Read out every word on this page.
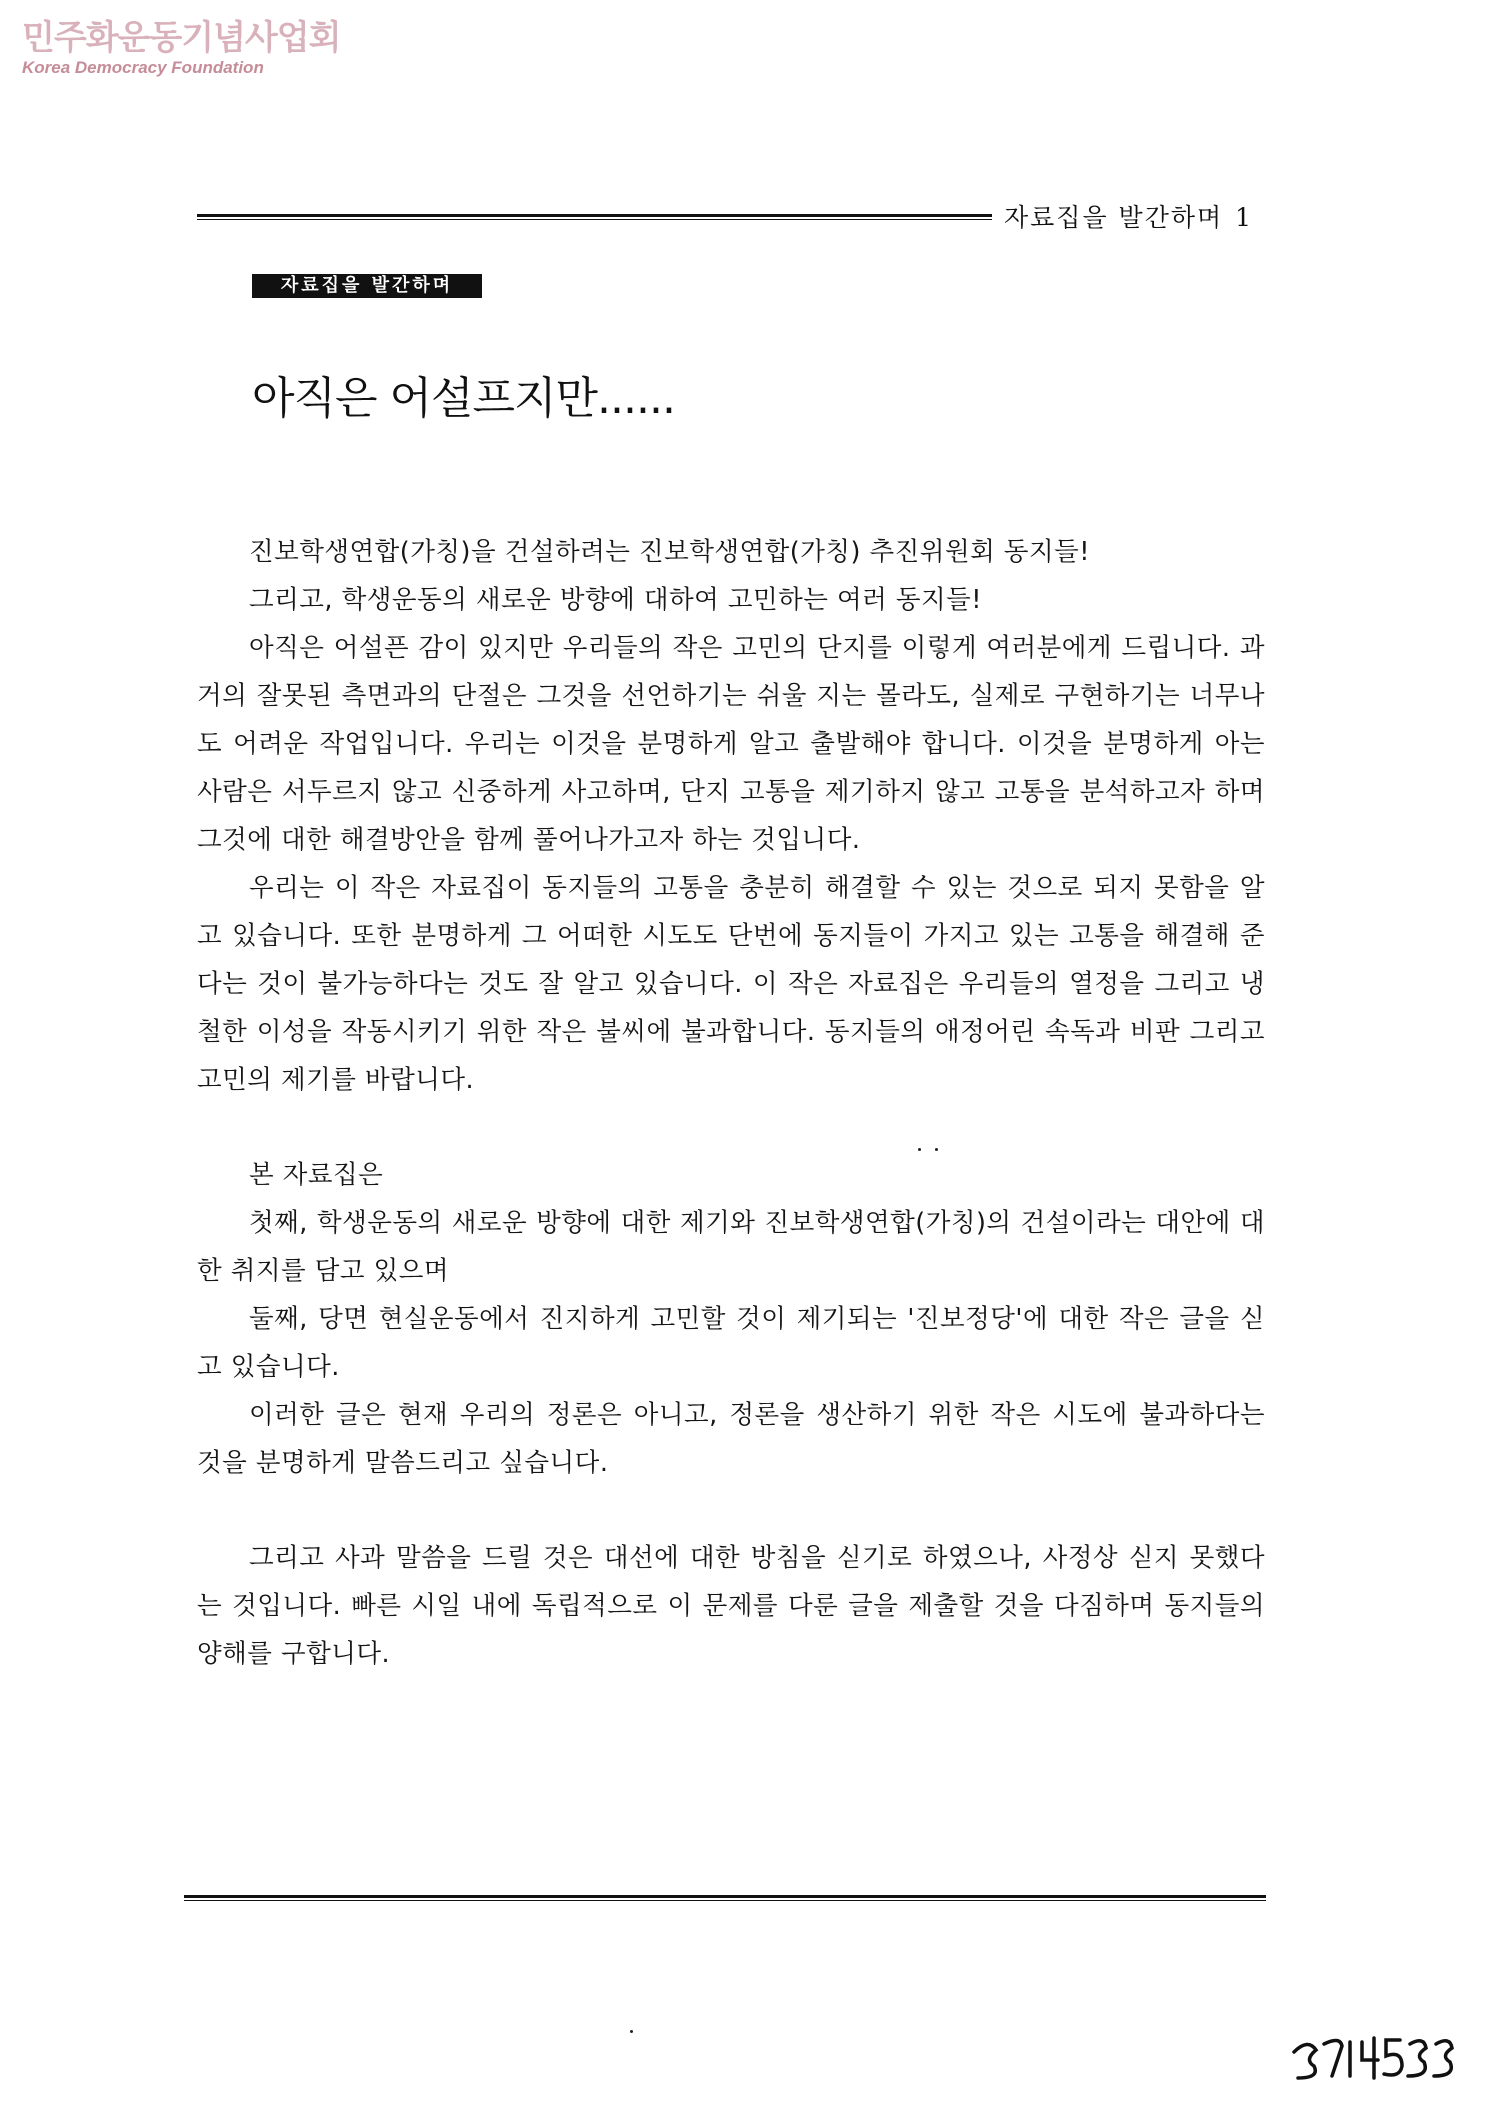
민주화운동기념사업회
Korea Democracy Foundation
자료집을 발간하며 1
자료집을 발간하며
아직은 어설프지만......

진보학생연합(가칭)을 건설하려는 진보학생연합(가칭) 추진위원회 동지들!

그리고, 학생운동의 새로운 방향에 대하여 고민하는 여러 동지들!

아직은 어설픈 감이 있지만 우리들의 작은 고민의 단지를 이렇게 여러분에게 드립니다. 과거의 잘못된 측면과의 단절은 그것을 선언하기는 쉬울 지는 몰라도, 실제로 구현하기는 너무나도 어려운 작업입니다. 우리는 이것을 분명하게 알고 출발해야 합니다. 이것을 분명하게 아는 사람은 서두르지 않고 신중하게 사고하며, 단지 고통을 제기하지 않고 고통을 분석하고자 하며 그것에 대한 해결방안을 함께 풀어나가고자 하는 것입니다.

우리는 이 작은 자료집이 동지들의 고통을 충분히 해결할 수 있는 것으로 되지 못함을 알고 있습니다. 또한 분명하게 그 어떠한 시도도 단번에 동지들이 가지고 있는 고통을 해결해 준다는 것이 불가능하다는 것도 잘 알고 있습니다. 이 작은 자료집은 우리들의 열정을 그리고 냉철한 이성을 작동시키기 위한 작은 불씨에 불과합니다. 동지들의 애정어린 속독과 비판 그리고 고민의 제기를 바랍니다.

본 자료집은

첫째, 학생운동의 새로운 방향에 대한 제기와 진보학생연합(가칭)의 건설이라는 대안에 대한 취지를 담고 있으며

둘째, 당면 현실운동에서 진지하게 고민할 것이 제기되는 '진보정당'에 대한 작은 글을 싣고 있습니다.

이러한 글은 현재 우리의 정론은 아니고, 정론을 생산하기 위한 작은 시도에 불과하다는 것을 분명하게 말씀드리고 싶습니다.

그리고 사과 말씀을 드릴 것은 대선에 대한 방침을 싣기로 하였으나, 사정상 싣지 못했다는 것입니다. 빠른 시일 내에 독립적으로 이 문제를 다룬 글을 제출할 것을 다짐하며 동지들의 양해를 구합니다.
